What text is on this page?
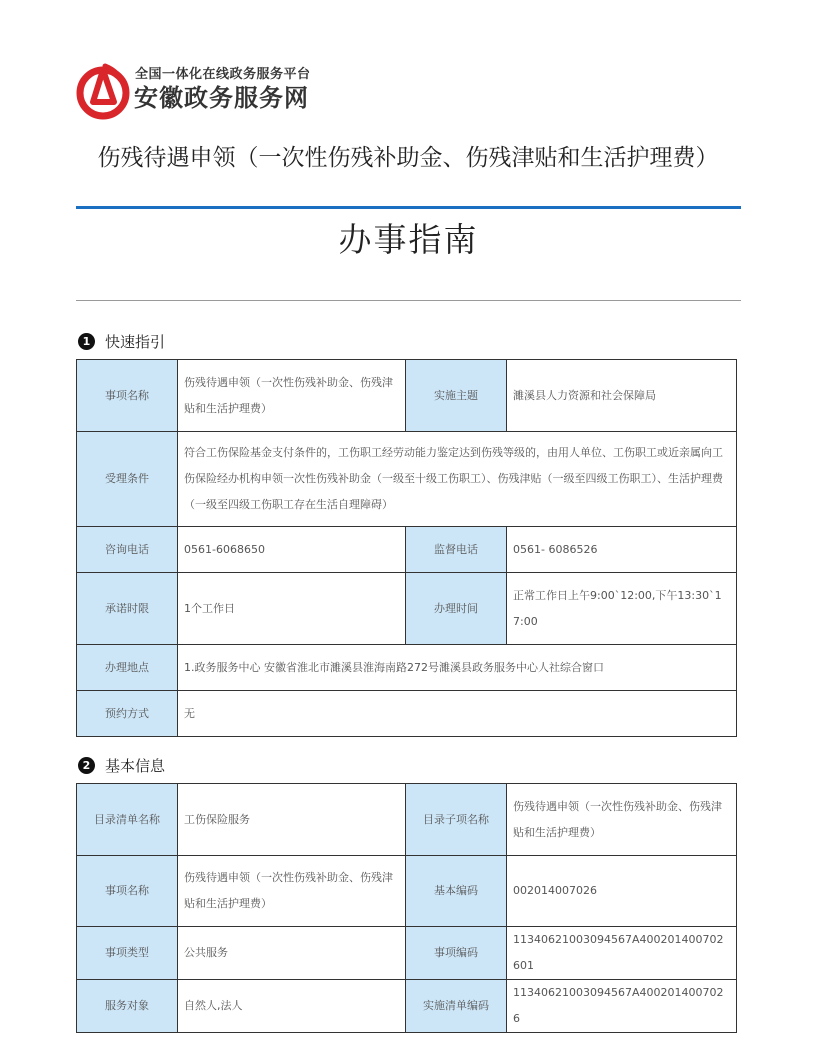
全国一体化在线政务服务平台
安徽政务服务网
伤残待遇申领（一次性伤残补助金、伤残津贴和生活护理费）
办事指南
1 快速指引
事项名称	伤残待遇申领（一次性伤残补助金、伤残津贴和生活护理费）	实施主题	濉溪县人力资源和社会保障局
受理条件	符合工伤保险基金支付条件的，工伤职工经劳动能力鉴定达到伤残等级的，由用人单位、工伤职工或近亲属向工伤保险经办机构申领一次性伤残补助金（一级至十级工伤职工）、伤残津贴（一级至四级工伤职工）、生活护理费（一级至四级工伤职工存在生活自理障碍）		
咨询电话	0561-6068650	监督电话	0561- 6086526
承诺时限	1个工作日	办理时间	正常工作日上午9:00`12:00,下午13:30`17:00
办理地点	1.政务服务中心 安徽省淮北市濉溪县淮海南路272号濉溪县政务服务中心人社综合窗口		
预约方式	无		
2 基本信息
目录清单名称	工伤保险服务	目录子项名称	伤残待遇申领（一次性伤残补助金、伤残津贴和生活护理费）
事项名称	伤残待遇申领（一次性伤残补助金、伤残津贴和生活护理费）	基本编码	002014007026
事项类型	公共服务	事项编码	11340621003094567A400201400702601
服务对象	自然人,法人	实施清单编码	11340621003094567A4002014007026
